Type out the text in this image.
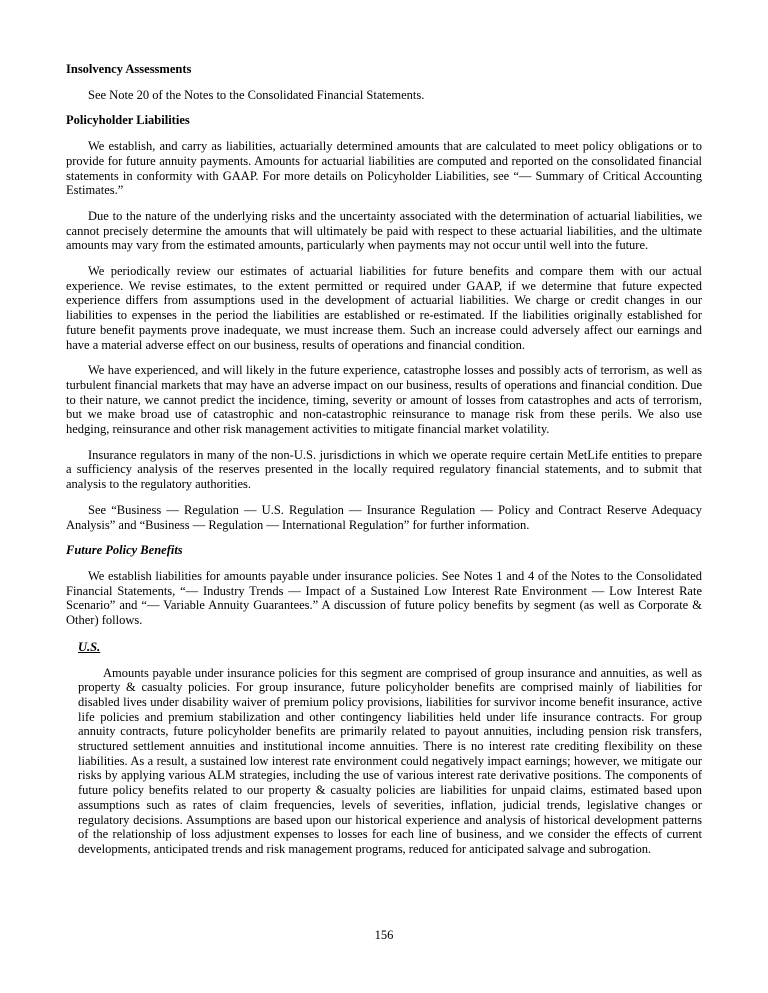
Insolvency Assessments

See Note 20 of the Notes to the Consolidated Financial Statements.

Policyholder Liabilities

We establish, and carry as liabilities, actuarially determined amounts that are calculated to meet policy obligations or to provide for future annuity payments. Amounts for actuarial liabilities are computed and reported on the consolidated financial statements in conformity with GAAP. For more details on Policyholder Liabilities, see “— Summary of Critical Accounting Estimates.”

Due to the nature of the underlying risks and the uncertainty associated with the determination of actuarial liabilities, we cannot precisely determine the amounts that will ultimately be paid with respect to these actuarial liabilities, and the ultimate amounts may vary from the estimated amounts, particularly when payments may not occur until well into the future.

We periodically review our estimates of actuarial liabilities for future benefits and compare them with our actual experience. We revise estimates, to the extent permitted or required under GAAP, if we determine that future expected experience differs from assumptions used in the development of actuarial liabilities. We charge or credit changes in our liabilities to expenses in the period the liabilities are established or re-estimated. If the liabilities originally established for future benefit payments prove inadequate, we must increase them. Such an increase could adversely affect our earnings and have a material adverse effect on our business, results of operations and financial condition.

We have experienced, and will likely in the future experience, catastrophe losses and possibly acts of terrorism, as well as turbulent financial markets that may have an adverse impact on our business, results of operations and financial condition. Due to their nature, we cannot predict the incidence, timing, severity or amount of losses from catastrophes and acts of terrorism, but we make broad use of catastrophic and non-catastrophic reinsurance to manage risk from these perils. We also use hedging, reinsurance and other risk management activities to mitigate financial market volatility.

Insurance regulators in many of the non-U.S. jurisdictions in which we operate require certain MetLife entities to prepare a sufficiency analysis of the reserves presented in the locally required regulatory financial statements, and to submit that analysis to the regulatory authorities.

See “Business — Regulation — U.S. Regulation — Insurance Regulation — Policy and Contract Reserve Adequacy Analysis” and “Business — Regulation — International Regulation” for further information.

Future Policy Benefits

We establish liabilities for amounts payable under insurance policies. See Notes 1 and 4 of the Notes to the Consolidated Financial Statements, “— Industry Trends — Impact of a Sustained Low Interest Rate Environment — Low Interest Rate Scenario” and “— Variable Annuity Guarantees.” A discussion of future policy benefits by segment (as well as Corporate & Other) follows.

U.S.

Amounts payable under insurance policies for this segment are comprised of group insurance and annuities, as well as property & casualty policies. For group insurance, future policyholder benefits are comprised mainly of liabilities for disabled lives under disability waiver of premium policy provisions, liabilities for survivor income benefit insurance, active life policies and premium stabilization and other contingency liabilities held under life insurance contracts. For group annuity contracts, future policyholder benefits are primarily related to payout annuities, including pension risk transfers, structured settlement annuities and institutional income annuities. There is no interest rate crediting flexibility on these liabilities. As a result, a sustained low interest rate environment could negatively impact earnings; however, we mitigate our risks by applying various ALM strategies, including the use of various interest rate derivative positions. The components of future policy benefits related to our property & casualty policies are liabilities for unpaid claims, estimated based upon assumptions such as rates of claim frequencies, levels of severities, inflation, judicial trends, legislative changes or regulatory decisions. Assumptions are based upon our historical experience and analysis of historical development patterns of the relationship of loss adjustment expenses to losses for each line of business, and we consider the effects of current developments, anticipated trends and risk management programs, reduced for anticipated salvage and subrogation.

156
